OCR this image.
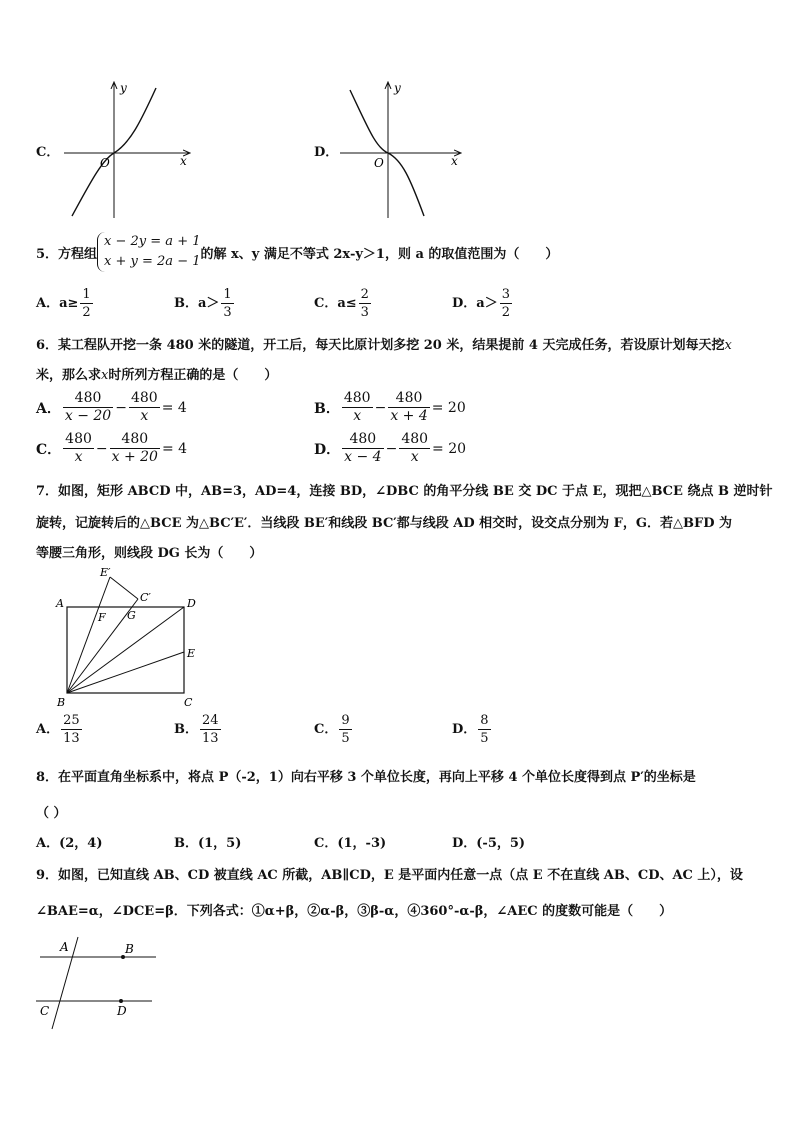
C．
x
y
O
D．
x
y
O
5．方程组
x − 2y = a + 1
x + y = 2a − 1 的解 x、y 满足不等式 2x-y＞1，则 a 的取值范围为（　　）
A．$a\ge \frac{1}{2}$	B．$a> \frac{1}{3}$	C．$a\le \frac{2}{3}$	D．$a> \frac{3}{2}$
6．某工程队开挖一条 480 米的隧道，开工后，每天比原计划多挖 20 米，结果提前 4 天完成任务，若设原计划每天挖x
米，那么求x时所列方程正确的是（　　）
A． $\frac{480}{x - 20} - \frac{480}{x} = 4$	B． $\frac{480}{x} - \frac{480}{x + 4} = 20$
C． $\frac{480}{x} - \frac{480}{x + 20} = 4$	D． $\frac{480}{x - 4} - \frac{480}{x} = 20$
7．如图，矩形 ABCD 中，AB=3，AD=4，连接 BD，∠DBC 的角平分线 BE 交 DC 于点 E，现把△BCE 绕点 B 逆时针
旋转，记旋转后的△BCE 为△BC′E′．当线段 BE′和线段 BC′都与线段 AD 相交时，设交点分别为 F，G．若△BFD 为
等腰三角形，则线段 DG 长为（　　）
A	D
E
C
B
E′
C′
F G
A． $\frac{25}{13}$	B． $\frac{24}{13}$	C． $\frac{9}{5}$	D． $\frac{8}{5}$
8．在平面直角坐标系中，将点 P（-2，1）向右平移 3 个单位长度，再向上平移 4 个单位长度得到点 P′的坐标是
（ ）
A．(2，4)	B．(1，5)	C．(1，-3)	D．(-5，5)
9．如图，已知直线 AB、CD 被直线 AC 所截，AB∥CD，E 是平面内任意一点（点 E 不在直线 AB、CD、AC 上），设
∠BAE=α，∠DCE=β．下列各式：①α+β，②α-β，③β-α，④360°-α-β，∠AEC 的度数可能是（　　）
A	B
C	D
